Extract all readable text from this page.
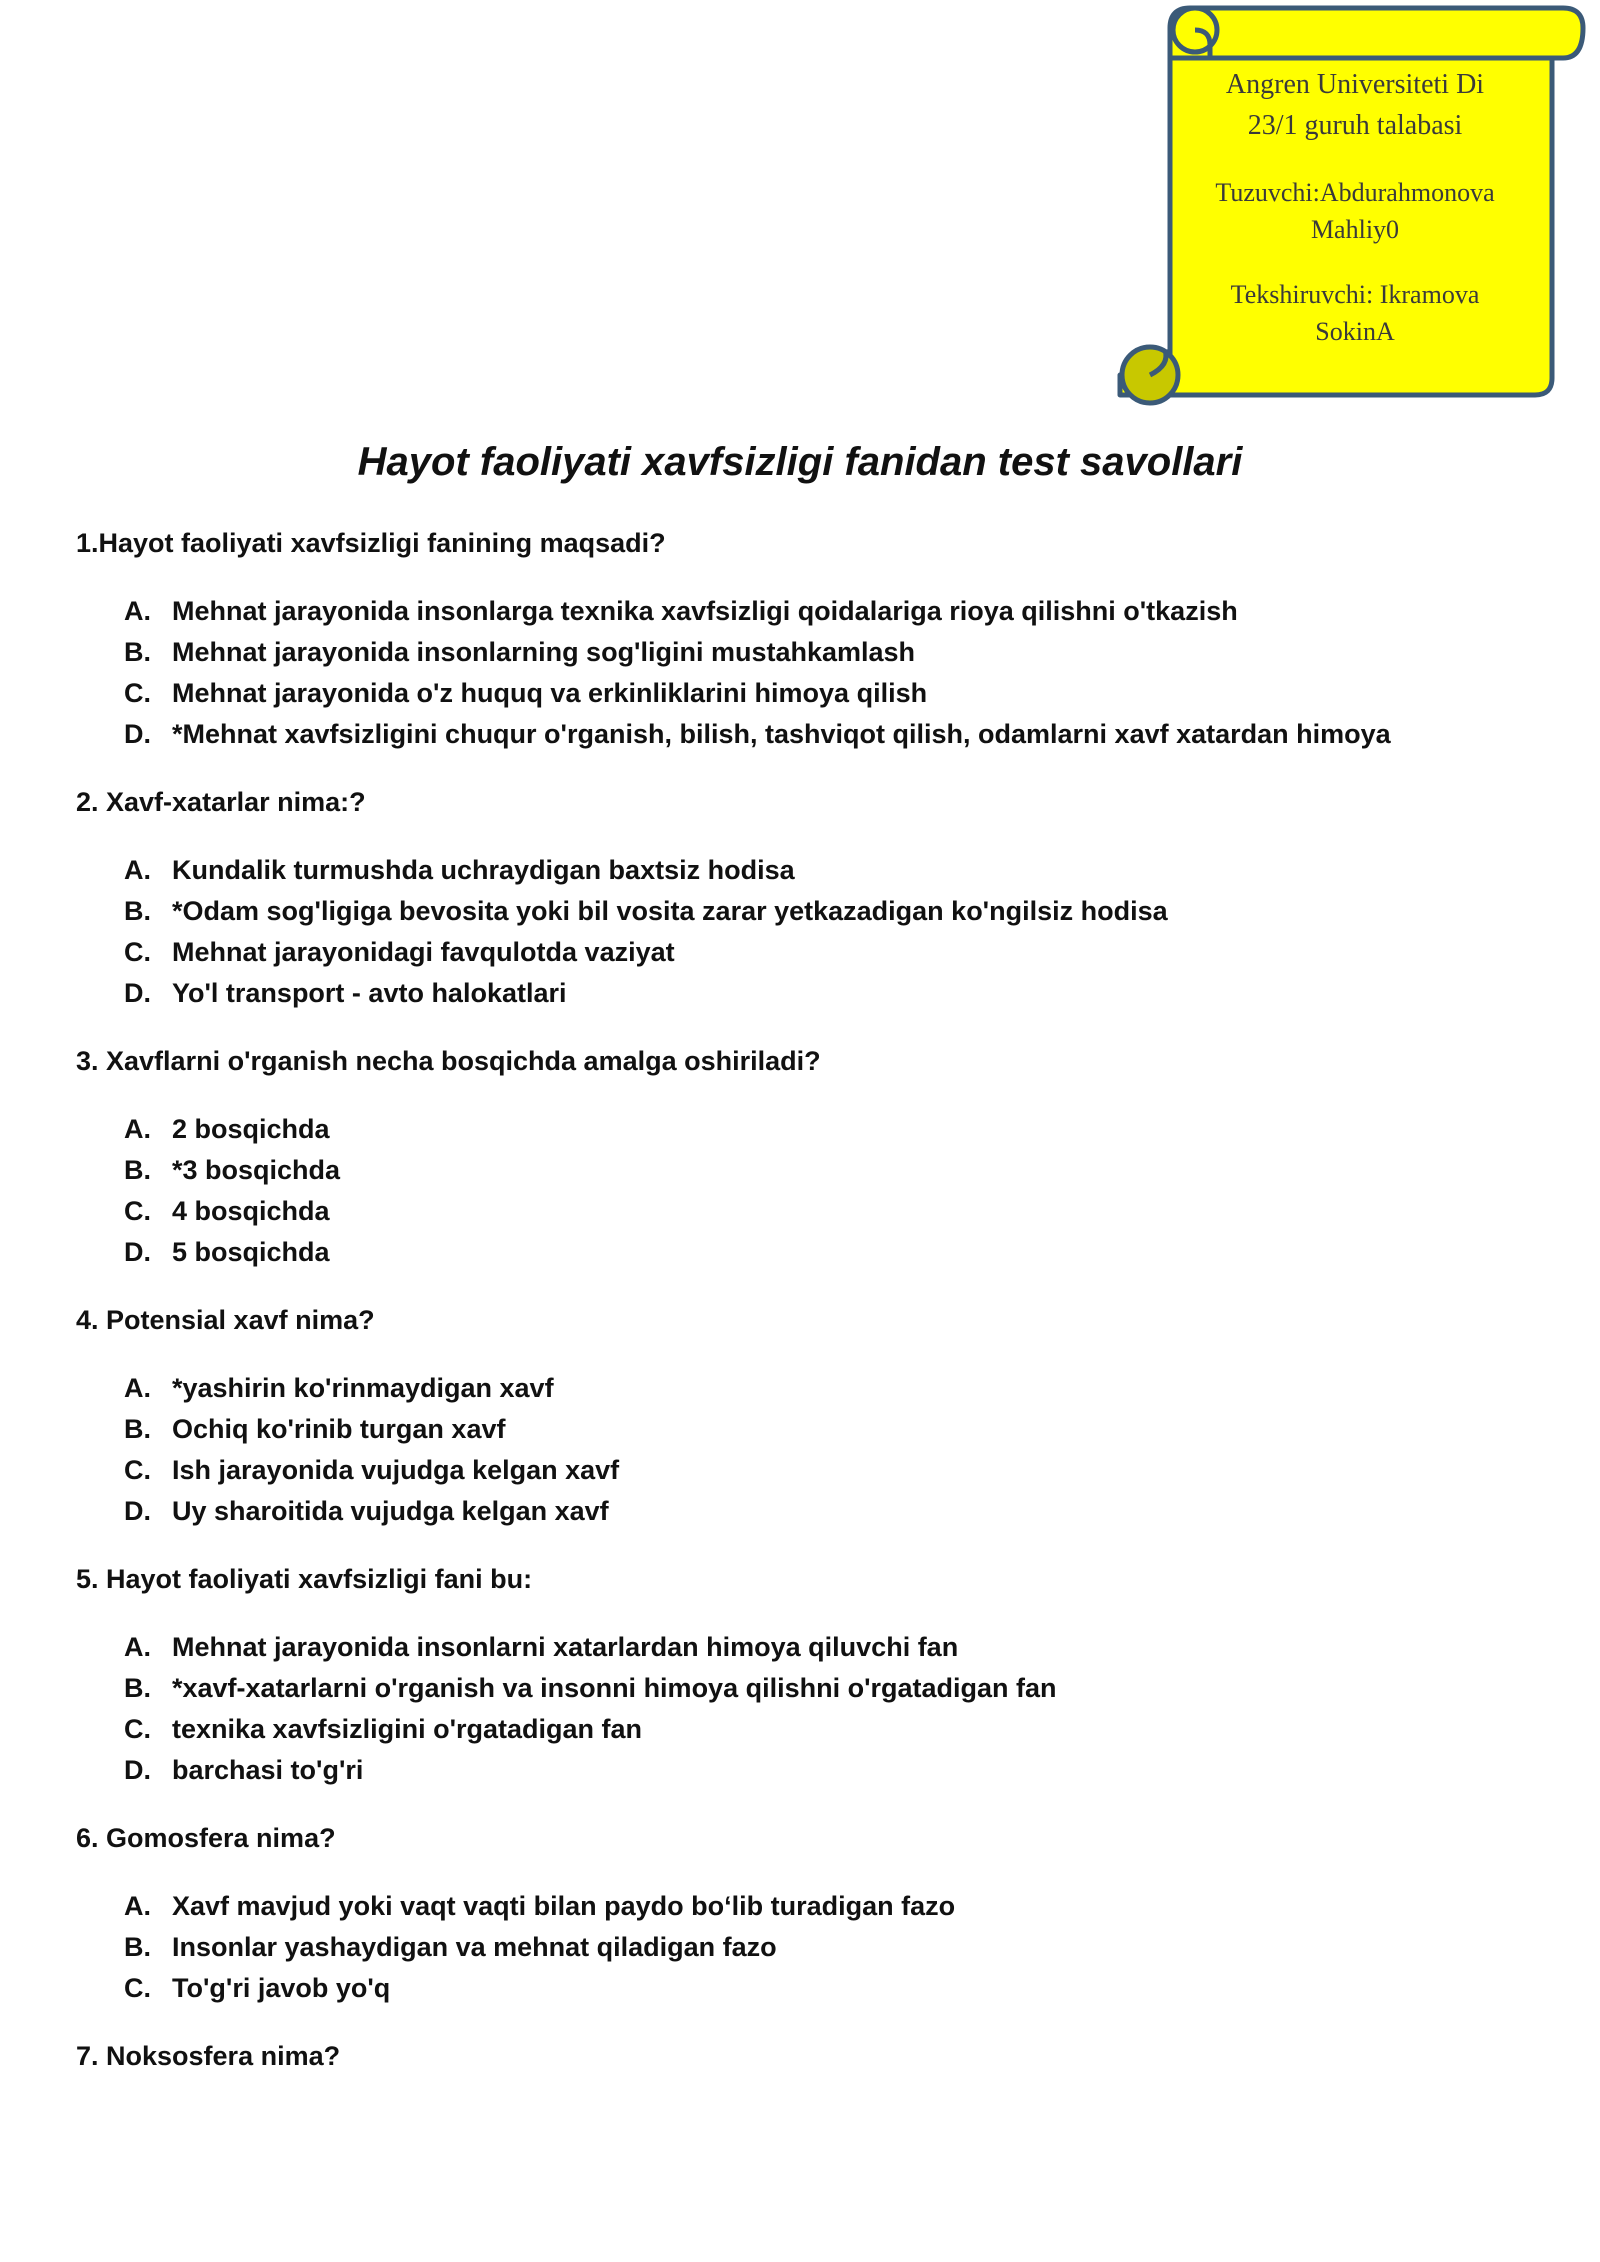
Angren Universiteti Di
23/1 guruh talabasi
Tuzuvchi:Abdurahmonova
Mahliy0
Tekshiruvchi: Ikramova
SokinA
Hayot faoliyati xavfsizligi fanidan test savollari
1.Hayot faoliyati xavfsizligi fanining maqsadi?
A. Mehnat jarayonida insonlarga texnika xavfsizligi qoidalariga rioya qilishni o'tkazish
B. Mehnat jarayonida insonlarning sog'ligini mustahkamlash
C. Mehnat jarayonida o'z huquq va erkinliklarini himoya qilish
D. *Mehnat xavfsizligini chuqur o'rganish, bilish, tashviqot qilish, odamlarni xavf xatardan himoya
2. Xavf-xatarlar nima:?
A. Kundalik turmushda uchraydigan baxtsiz hodisa
B. *Odam sog'ligiga bevosita yoki bil vosita zarar yetkazadigan ko'ngilsiz hodisa
C. Mehnat jarayonidagi favqulotda vaziyat
D. Yo'l transport - avto halokatlari
3. Xavflarni o'rganish necha bosqichda amalga oshiriladi?
A. 2 bosqichda
B. *3 bosqichda
C. 4 bosqichda
D. 5 bosqichda
4. Potensial xavf nima?
A. *yashirin ko'rinmaydigan xavf
B. Ochiq ko'rinib turgan xavf
C. Ish jarayonida vujudga kelgan xavf
D. Uy sharoitida vujudga kelgan xavf
5. Hayot faoliyati xavfsizligi fani bu:
A. Mehnat jarayonida insonlarni xatarlardan himoya qiluvchi fan
B. *xavf-xatarlarni o'rganish va insonni himoya qilishni o'rgatadigan fan
C. texnika xavfsizligini o'rgatadigan fan
D. barchasi to'g'ri
6. Gomosfera nima?
A. Xavf mavjud yoki vaqt vaqti bilan paydo bo‘lib turadigan fazo
B. Insonlar yashaydigan va mehnat qiladigan fazo
C. To'g'ri javob yo'q
7. Noksosfera nima?
